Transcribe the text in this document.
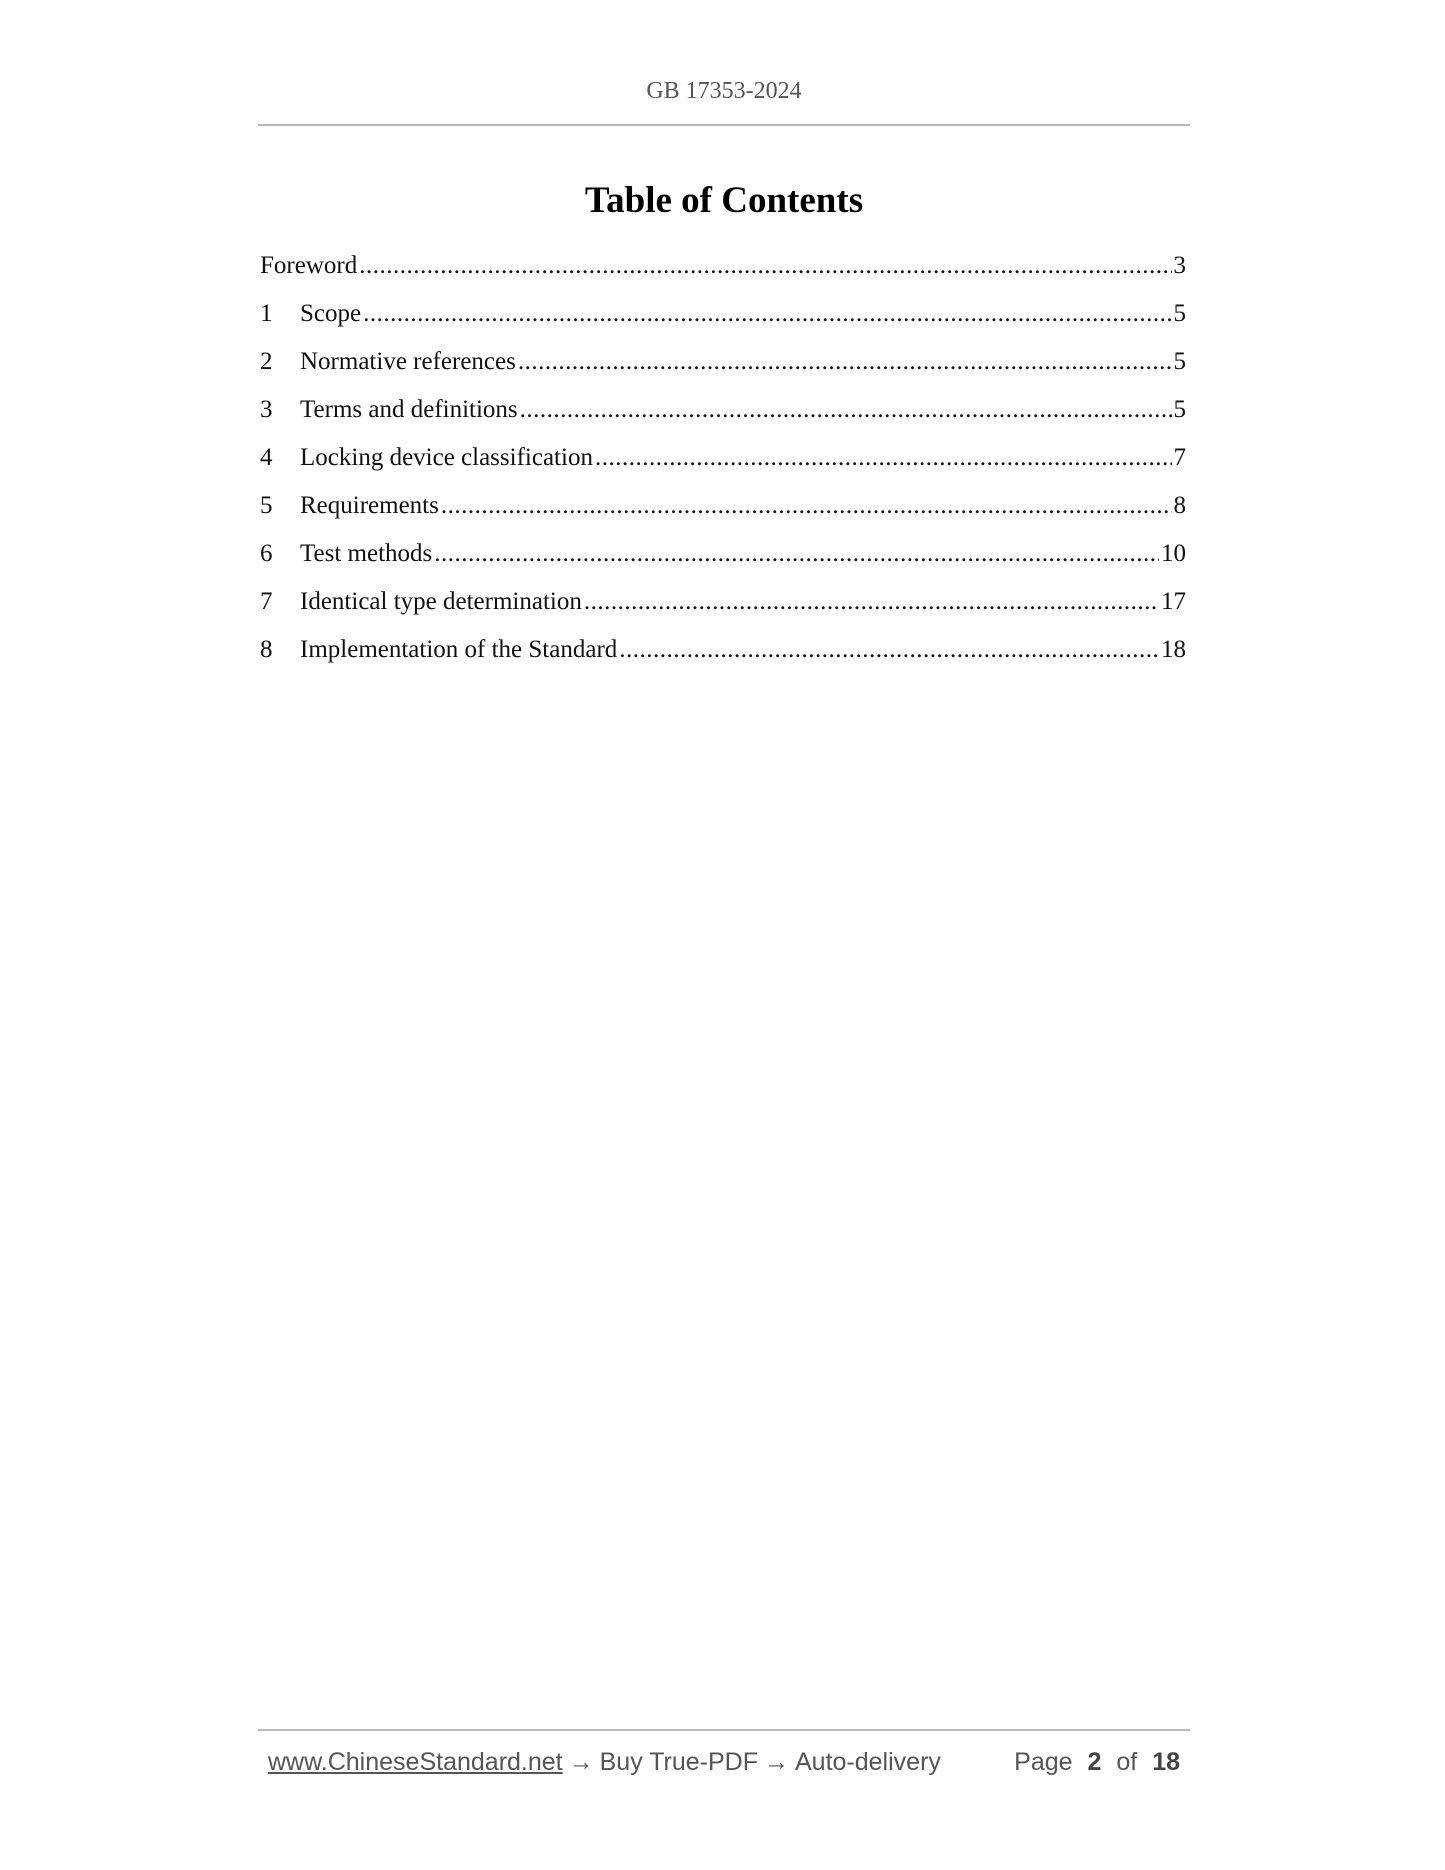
GB 17353-2024
Table of Contents
Foreword .....	3
1	Scope .....	5
2	Normative references .....	5
3	Terms and definitions .....	5
4	Locking device classification .....	7
5	Requirements .....	8
6	Test methods .....	10
7	Identical type determination .....	17
8	Implementation of the Standard .....	18
www.ChineseStandard.net → Buy True-PDF → Auto-delivery	Page 2 of 18
